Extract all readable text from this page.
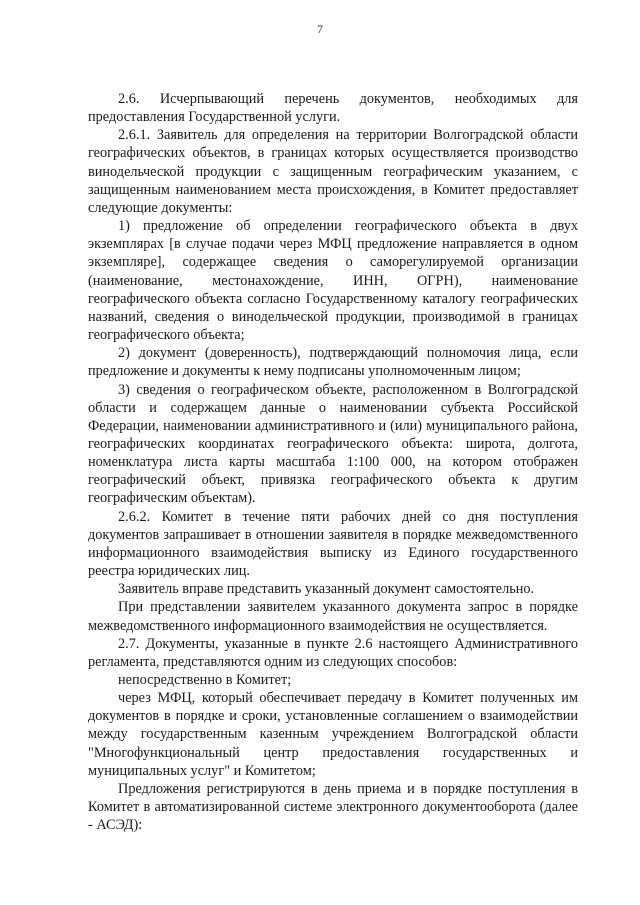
7

2.6. Исчерпывающий перечень документов, необходимых для предоставления Государственной услуги.

2.6.1. Заявитель для определения на территории Волгоградской области географических объектов, в границах которых осуществляется производство винодельческой продукции с защищенным географическим указанием, с защищенным наименованием места происхождения, в Комитет предоставляет следующие документы:

1) предложение об определении географического объекта в двух экземплярах [в случае подачи через МФЦ предложение направляется в одном экземпляре], содержащее сведения о саморегулируемой организации (наименование, местонахождение, ИНН, ОГРН), наименование географического объекта согласно Государственному каталогу географических названий, сведения о винодельческой продукции, производимой в границах географического объекта;

2) документ (доверенность), подтверждающий полномочия лица, если предложение и документы к нему подписаны уполномоченным лицом;

3) сведения о географическом объекте, расположенном в Волгоградской области и содержащем данные о наименовании субъекта Российской Федерации, наименовании административного и (или) муниципального района, географических координатах географического объекта: широта, долгота, номенклатура листа карты масштаба 1:100 000, на котором отображен географический объект, привязка географического объекта к другим географическим объектам).

2.6.2. Комитет в течение пяти рабочих дней со дня поступления документов запрашивает в отношении заявителя в порядке межведомственного информационного взаимодействия выписку из Единого государственного реестра юридических лиц.

Заявитель вправе представить указанный документ самостоятельно.

При представлении заявителем указанного документа запрос в порядке межведомственного информационного взаимодействия не осуществляется.

2.7. Документы, указанные в пункте 2.6 настоящего Административного регламента, представляются одним из следующих способов:

непосредственно в Комитет;

через МФЦ, который обеспечивает передачу в Комитет полученных им документов в порядке и сроки, установленные соглашением о взаимодействии между государственным казенным учреждением Волгоградской области "Многофункциональный центр предоставления государственных и муниципальных услуг" и Комитетом;

Предложения регистрируются в день приема и в порядке поступления в Комитет в автоматизированной системе электронного документооборота (далее - АСЭД):
